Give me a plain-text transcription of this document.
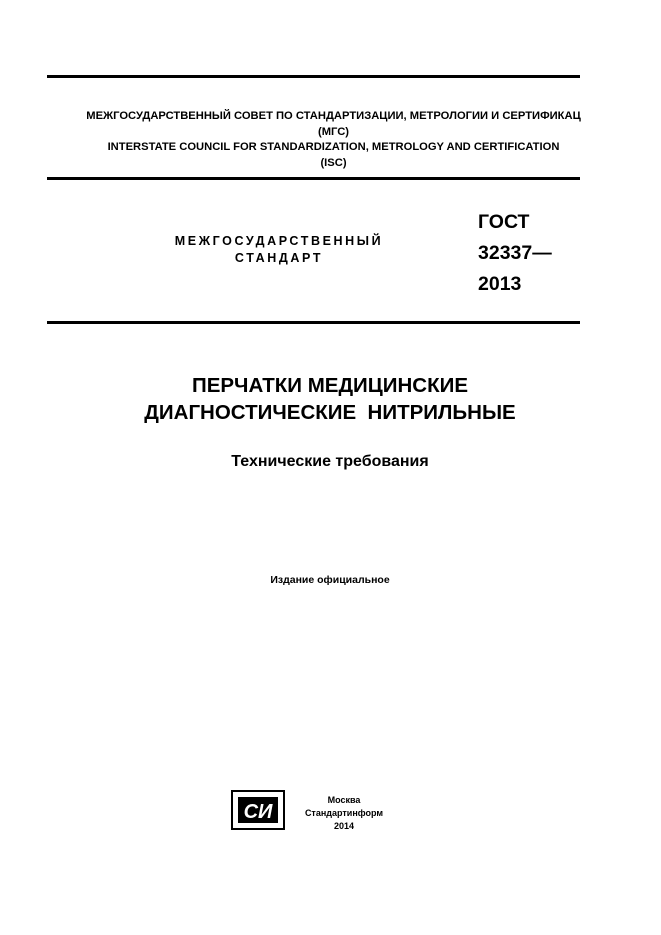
МЕЖГОСУДАРСТВЕННЫЙ СОВЕТ ПО СТАНДАРТИЗАЦИИ, МЕТРОЛОГИИ И СЕРТИФИКАЦ
(МГС)
INTERSTATE COUNCIL FOR STANDARDIZATION, METROLOGY AND CERTIFICATION
(ISC)
МЕЖГОСУДАРСТВЕННЫЙ
СТАНДАРТ
ГОСТ
32337—
2013
ПЕРЧАТКИ МЕДИЦИНСКИЕ
ДИАГНОСТИЧЕСКИЕ  НИТРИЛЬНЫЕ
Технические требования
Издание официальное
СИ
Москва
Стандартинформ
2014
